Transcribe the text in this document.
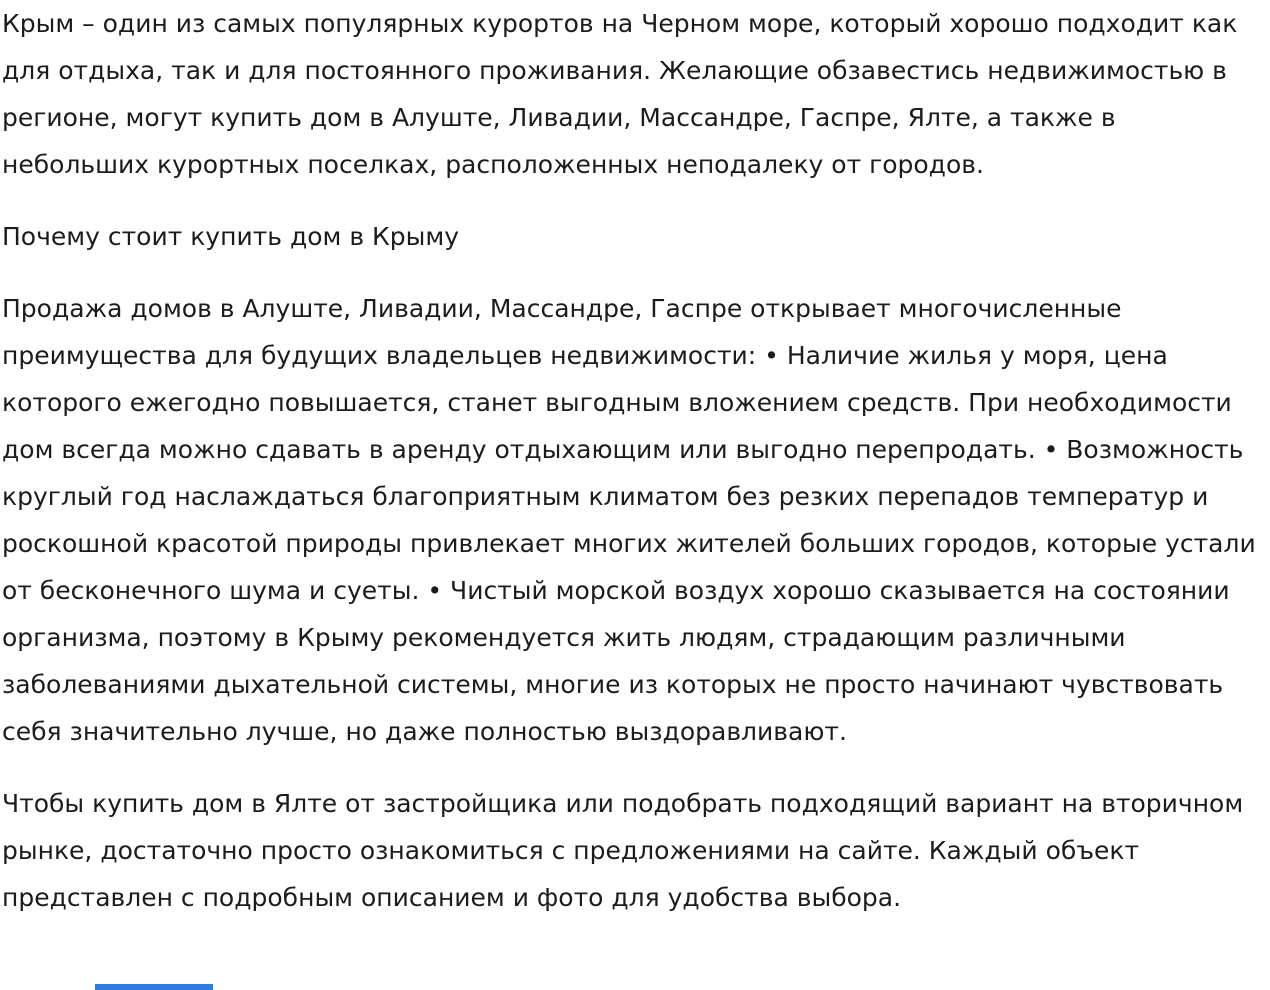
Крым – один из самых популярных курортов на Черном море, который хорошо подходит как для отдыха, так и для постоянного проживания. Желающие обзавестись недвижимостью в регионе, могут купить дом в Алуште, Ливадии, Массандре, Гаспре, Ялте, а также в небольших курортных поселках, расположенных неподалеку от городов.

Почему стоит купить дом в Крыму

Продажа домов в Алуште, Ливадии, Массандре, Гаспре открывает многочисленные преимущества для будущих владельцев недвижимости: • Наличие жилья у моря, цена которого ежегодно повышается, станет выгодным вложением средств. При необходимости дом всегда можно сдавать в аренду отдыхающим или выгодно перепродать. • Возможность круглый год наслаждаться благоприятным климатом без резких перепадов температур и роскошной красотой природы привлекает многих жителей больших городов, которые устали от бесконечного шума и суеты. • Чистый морской воздух хорошо сказывается на состоянии организма, поэтому в Крыму рекомендуется жить людям, страдающим различными заболеваниями дыхательной системы, многие из которых не просто начинают чувствовать себя значительно лучше, но даже полностью выздоравливают.

Чтобы купить дом в Ялте от застройщика или подобрать подходящий вариант на вторичном рынке, достаточно просто ознакомиться с предложениями на сайте. Каждый объект представлен с подробным описанием и фото для удобства выбора.
